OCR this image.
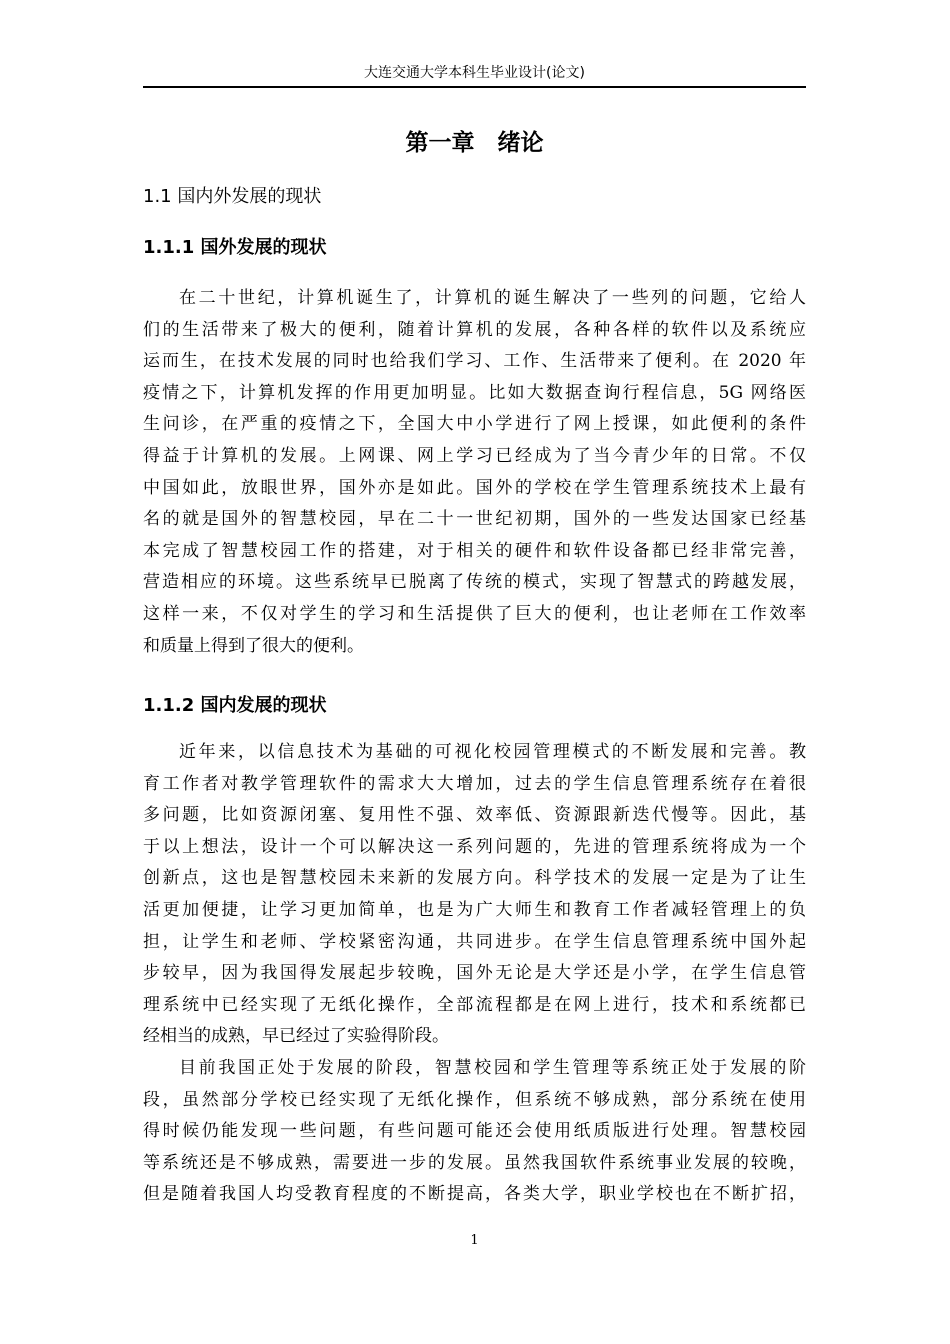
大连交通大学本科生毕业设计(论文)
第一章　绪论
1.1 国内外发展的现状
1.1.1 国外发展的现状
在二十世纪，计算机诞生了，计算机的诞生解决了一些列的问题，它给人
们的生活带来了极大的便利，随着计算机的发展，各种各样的软件以及系统应
运而生，在技术发展的同时也给我们学习、工作、生活带来了便利。在 2020 年
疫情之下，计算机发挥的作用更加明显。比如大数据查询行程信息，5G 网络医
生问诊，在严重的疫情之下，全国大中小学进行了网上授课，如此便利的条件
得益于计算机的发展。上网课、网上学习已经成为了当今青少年的日常。不仅
中国如此，放眼世界，国外亦是如此。国外的学校在学生管理系统技术上最有
名的就是国外的智慧校园，早在二十一世纪初期，国外的一些发达国家已经基
本完成了智慧校园工作的搭建，对于相关的硬件和软件设备都已经非常完善，
营造相应的环境。这些系统早已脱离了传统的模式，实现了智慧式的跨越发展，
这样一来，不仅对学生的学习和生活提供了巨大的便利，也让老师在工作效率
和质量上得到了很大的便利。
1.1.2 国内发展的现状
近年来，以信息技术为基础的可视化校园管理模式的不断发展和完善。教
育工作者对教学管理软件的需求大大增加，过去的学生信息管理系统存在着很
多问题，比如资源闭塞、复用性不强、效率低、资源跟新迭代慢等。因此，基
于以上想法，设计一个可以解决这一系列问题的，先进的管理系统将成为一个
创新点，这也是智慧校园未来新的发展方向。科学技术的发展一定是为了让生
活更加便捷，让学习更加简单，也是为广大师生和教育工作者减轻管理上的负
担，让学生和老师、学校紧密沟通，共同进步。在学生信息管理系统中国外起
步较早，因为我国得发展起步较晚，国外无论是大学还是小学，在学生信息管
理系统中已经实现了无纸化操作，全部流程都是在网上进行，技术和系统都已
经相当的成熟，早已经过了实验得阶段。
目前我国正处于发展的阶段，智慧校园和学生管理等系统正处于发展的阶
段，虽然部分学校已经实现了无纸化操作，但系统不够成熟，部分系统在使用
得时候仍能发现一些问题，有些问题可能还会使用纸质版进行处理。智慧校园
等系统还是不够成熟，需要进一步的发展。虽然我国软件系统事业发展的较晚，
但是随着我国人均受教育程度的不断提高，各类大学，职业学校也在不断扩招，
1
